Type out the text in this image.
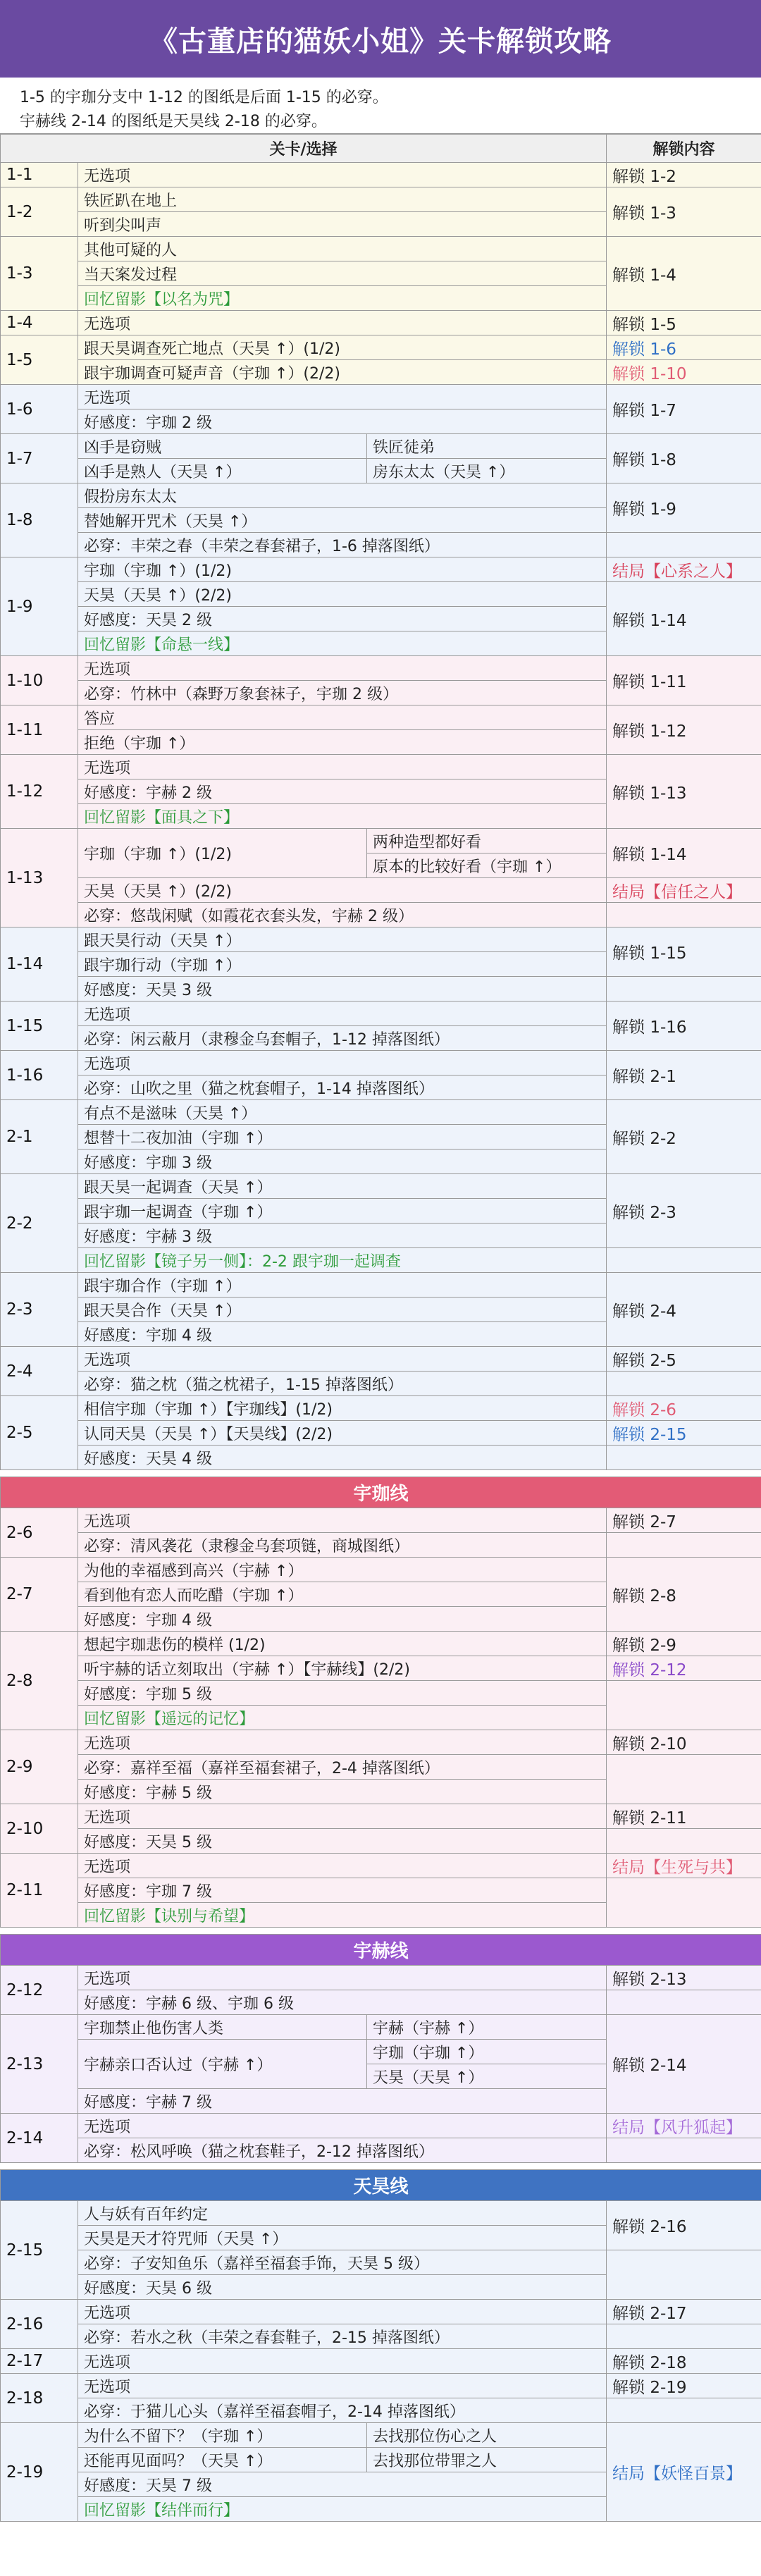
《古董店的猫妖小姐》关卡解锁攻略
1-5 的宇珈分支中 1-12 的图纸是后面 1-15 的必穿。
宇赫线 2-14 的图纸是天昊线 2-18 的必穿。
关卡/选择			解锁内容
1-1	无选项		解锁 1-2
1-2	铁匠趴在地上		解锁 1-3
	听到尖叫声		
1-3	其他可疑的人		解锁 1-4
	当天案发过程		
	回忆留影【以名为咒】		
1-4	无选项		解锁 1-5
1-5	跟天昊调查死亡地点（天昊 ↑）(1/2)		解锁 1-6
	跟宇珈调查可疑声音（宇珈 ↑）(2/2)		解锁 1-10
1-6	无选项		解锁 1-7
	好感度：宇珈 2 级		
1-7	凶手是窃贼	铁匠徒弟	解锁 1-8
	凶手是熟人（天昊 ↑）	房东太太（天昊 ↑）	
1-8	假扮房东太太		解锁 1-9
	替她解开咒术（天昊 ↑）		
	必穿：丰荣之春（丰荣之春套裙子，1-6 掉落图纸）		
1-9	宇珈（宇珈 ↑）(1/2)		结局【心系之人】
	天昊（天昊 ↑）(2/2)		解锁 1-14
	好感度：天昊 2 级		
	回忆留影【命悬一线】		
1-10	无选项		解锁 1-11
	必穿：竹林中（森野万象套袜子，宇珈 2 级）		
1-11	答应		解锁 1-12
	拒绝（宇珈 ↑）		
1-12	无选项		解锁 1-13
	好感度：宇赫 2 级		
	回忆留影【面具之下】		
1-13	宇珈（宇珈 ↑）(1/2)	两种造型都好看	解锁 1-14
		原本的比较好看（宇珈 ↑）	
	天昊（天昊 ↑）(2/2)		结局【信任之人】
	必穿：悠哉闲赋（如霞花衣套头发，宇赫 2 级）		
1-14	跟天昊行动（天昊 ↑）		解锁 1-15
	跟宇珈行动（宇珈 ↑）		
	好感度：天昊 3 级		
1-15	无选项		解锁 1-16
	必穿：闲云蔽月（隶穆金乌套帽子，1-12 掉落图纸）		
1-16	无选项		解锁 2-1
	必穿：山吹之里（猫之枕套帽子，1-14 掉落图纸）		
2-1	有点不是滋味（天昊 ↑）		解锁 2-2
	想替十二夜加油（宇珈 ↑）		
	好感度：宇珈 3 级		
2-2	跟天昊一起调查（天昊 ↑）		解锁 2-3
	跟宇珈一起调查（宇珈 ↑）		
	好感度：宇赫 3 级		
	回忆留影【镜子另一侧】：2-2 跟宇珈一起调查		
2-3	跟宇珈合作（宇珈 ↑）		解锁 2-4
	跟天昊合作（天昊 ↑）		
	好感度：宇珈 4 级		
2-4	无选项		解锁 2-5
	必穿：猫之枕（猫之枕裙子，1-15 掉落图纸）		
2-5	相信宇珈（宇珈 ↑）【宇珈线】(1/2)		解锁 2-6
	认同天昊（天昊 ↑）【天昊线】(2/2)		解锁 2-15
	好感度：天昊 4 级		

宇珈线			
2-6	无选项		解锁 2-7
	必穿：清风袭花（隶穆金乌套项链，商城图纸）		
2-7	为他的幸福感到高兴（宇赫 ↑）		解锁 2-8
	看到他有恋人而吃醋（宇珈 ↑）		
	好感度：宇珈 4 级		
2-8	想起宇珈悲伤的模样 (1/2)		解锁 2-9
	听宇赫的话立刻取出（宇赫 ↑）【宇赫线】(2/2)		解锁 2-12
	好感度：宇珈 5 级		
	回忆留影【遥远的记忆】		
2-9	无选项		解锁 2-10
	必穿：嘉祥至福（嘉祥至福套裙子，2-4 掉落图纸）		
	好感度：宇赫 5 级		
2-10	无选项		解锁 2-11
	好感度：天昊 5 级		
2-11	无选项		结局【生死与共】
	好感度：宇珈 7 级		
	回忆留影【诀别与希望】		

宇赫线			
2-12	无选项		解锁 2-13
	好感度：宇赫 6 级、宇珈 6 级		
2-13	宇珈禁止他伤害人类	宇赫（宇赫 ↑）	解锁 2-14
	宇赫亲口否认过（宇赫 ↑）	宇珈（宇珈 ↑）	
		天昊（天昊 ↑）	
	好感度：宇赫 7 级		
2-14	无选项		结局【风升狐起】
	必穿：松风呼唤（猫之枕套鞋子，2-12 掉落图纸）		

天昊线			
2-15	人与妖有百年约定		解锁 2-16
	天昊是天才符咒师（天昊 ↑）		
	必穿：子安知鱼乐（嘉祥至福套手饰，天昊 5 级）		
	好感度：天昊 6 级		
2-16	无选项		解锁 2-17
	必穿：若水之秋（丰荣之春套鞋子，2-15 掉落图纸）		
2-17	无选项		解锁 2-18
2-18	无选项		解锁 2-19
	必穿：于猫儿心头（嘉祥至福套帽子，2-14 掉落图纸）		
2-19	为什么不留下？（宇珈 ↑）	去找那位伤心之人	结局【妖怪百景】
	还能再见面吗？（天昊 ↑）	去找那位带罪之人	
	好感度：天昊 7 级		
	回忆留影【结伴而行】		
